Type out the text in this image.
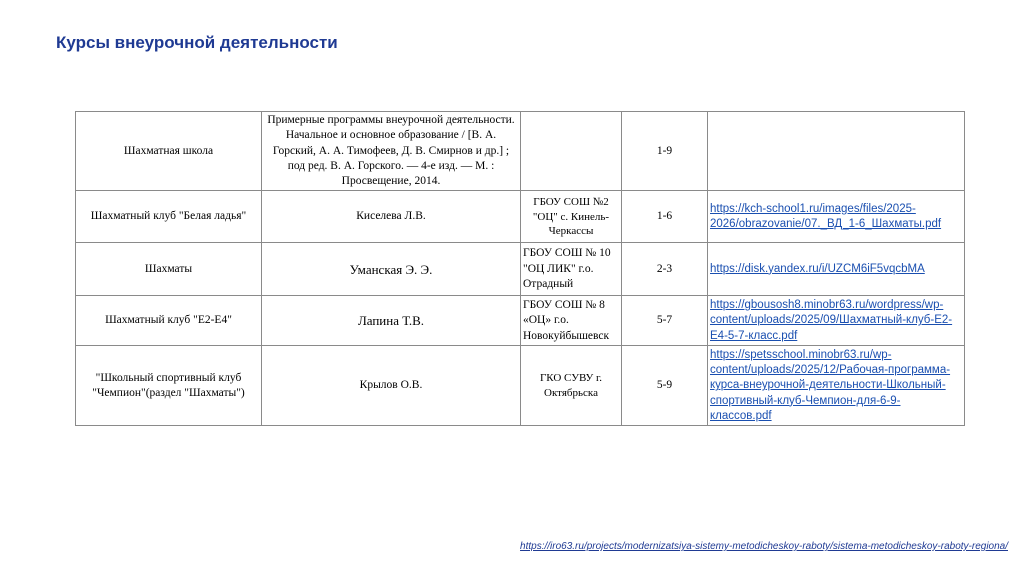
Курсы внеурочной деятельности
Шахматная школа	Примерные программы внеурочной деятельности. Начальное и основное образование / [В. А. Горский, А. А. Тимофеев, Д. В. Смирнов и др.] ; под ред. В. А. Горского. — 4-е изд. — М. : Просвещение, 2014.		1-9	
Шахматный клуб "Белая ладья"	Киселева Л.В.	ГБОУ СОШ №2 "ОЦ" с. Кинель-Черкассы	1-6	https://kch-school1.ru/images/files/2025-2026/obrazovanie/07._ВД_1-6_Шахматы.pdf
Шахматы	Уманская Э. Э.	ГБОУ СОШ № 10 "ОЦ ЛИК" г.о. Отрадный	2-3	https://disk.yandex.ru/i/UZCM6iF5vqcbMA
Шахматный клуб "Е2-Е4"	Лапина Т.В.	ГБОУ СОШ № 8 «ОЦ» г.о. Новокуйбышевск	5-7	https://gbousosh8.minobr63.ru/wordpress/wp-content/uploads/2025/09/Шахматный-клуб-Е2-Е4-5-7-класс.pdf
"Школьный спортивный клуб "Чемпион"(раздел "Шахматы")	Крылов О.В.	ГКО СУВУ г. Октябрьска	5-9	https://spetsschool.minobr63.ru/wp-content/uploads/2025/12/Рабочая-программа-курса-внеурочной-деятельности-Школьный-спортивный-клуб-Чемпион-для-6-9-классов.pdf
https://iro63.ru/projects/modernizatsiya-sistemy-metodicheskoy-raboty/sistema-metodicheskoy-raboty-regiona/
